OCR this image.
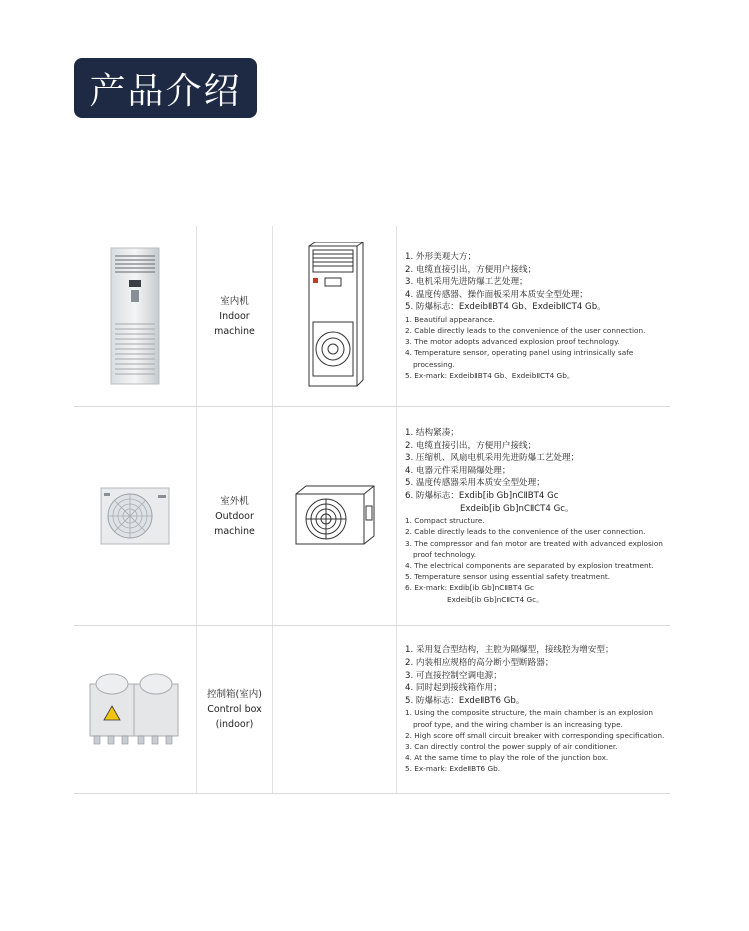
产品介绍
室内机
Indoor
machine
1. 外形美观大方；
2. 电缆直接引出，方便用户接线；
3. 电机采用先进防爆工艺处理；
4. 温度传感器、操作面板采用本质安全型处理；
5. 防爆标志：ExdeibⅡBT4 Gb、ExdeibⅡCT4 Gb。
1. Beautiful appearance.
2. Cable directly leads to the convenience of the user connection.
3. The motor adopts advanced explosion proof technology.
4. Temperature sensor, operating panel using intrinsically safe processing.
5. Ex-mark: ExdeibⅡBT4 Gb、ExdeibⅡCT4 Gb。
室外机
Outdoor
machine
1. 结构紧凑；
2. 电缆直接引出，方便用户接线；
3. 压缩机、风扇电机采用先进防爆工艺处理；
4. 电器元件采用隔爆处理；
5. 温度传感器采用本质安全型处理；
6. 防爆标志：Exdib[ib Gb]nCⅡBT4 Gc
Exdeib[ib Gb]nCⅡCT4 Gc。
1. Compact structure.
2. Cable directly leads to the convenience of the user connection.
3. The compressor and fan motor are treated with advanced explosion proof technology.
4. The electrical components are separated by explosion treatment.
5. Temperature sensor using essential safety treatment.
6. Ex-mark: Exdib[ib Gb]nCⅡBT4 Gc
Exdeib[ib Gb]nCⅡCT4 Gc。
控制箱(室内)
Control box
(indoor)
1. 采用复合型结构，主腔为隔爆型，接线腔为增安型；
2. 内装相应规格的高分断小型断路器；
3. 可直接控制空调电源；
4. 同时起到接线箱作用；
5. 防爆标志：ExdeⅡBT6 Gb。
1. Using the composite structure, the main chamber is an explosion proof type, and the wiring chamber is an increasing type.
2. High score off small circuit breaker with corresponding specification.
3. Can directly control the power supply of air conditioner.
4. At the same time to play the role of the junction box.
5. Ex-mark: ExdeⅡBT6 Gb.
